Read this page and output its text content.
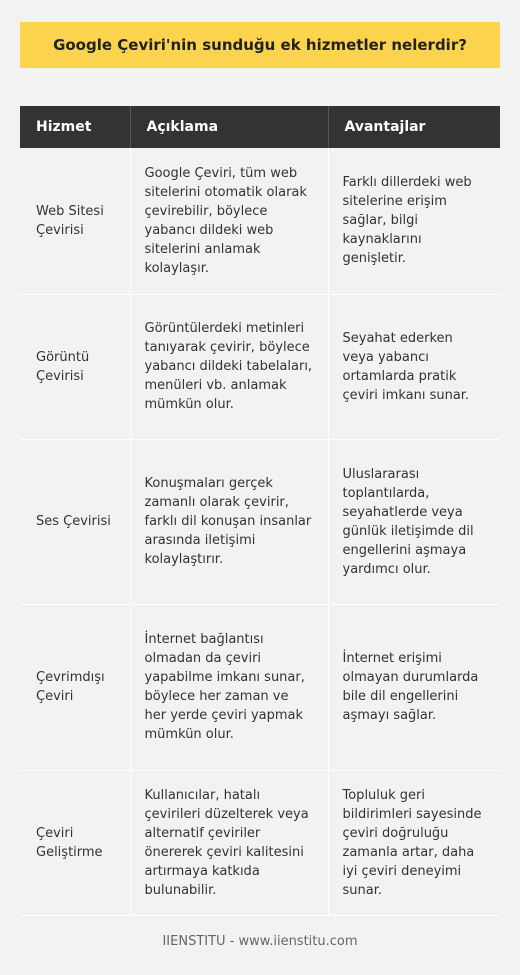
Google Çeviri'nin sunduğu ek hizmetler nelerdir?
Hizmet	Açıklama	Avantajlar
Web Sitesi Çevirisi	Google Çeviri, tüm web sitelerini otomatik olarak çevirebilir, böylece yabancı dildeki web sitelerini anlamak kolaylaşır.	Farklı dillerdeki web sitelerine erişim sağlar, bilgi kaynaklarını genişletir.
Görüntü Çevirisi	Görüntülerdeki metinleri tanıyarak çevirir, böylece yabancı dildeki tabelaları, menüleri vb. anlamak mümkün olur.	Seyahat ederken veya yabancı ortamlarda pratik çeviri imkanı sunar.
Ses Çevirisi	Konuşmaları gerçek zamanlı olarak çevirir, farklı dil konuşan insanlar arasında iletişimi kolaylaştırır.	Uluslararası toplantılarda, seyahatlerde veya günlük iletişimde dil engellerini aşmaya yardımcı olur.
Çevrimdışı Çeviri	İnternet bağlantısı olmadan da çeviri yapabilme imkanı sunar, böylece her zaman ve her yerde çeviri yapmak mümkün olur.	İnternet erişimi olmayan durumlarda bile dil engellerini aşmayı sağlar.
Çeviri Geliştirme	Kullanıcılar, hatalı çevirileri düzelterek veya alternatif çeviriler önererek çeviri kalitesini artırmaya katkıda bulunabilir.	Topluluk geri bildirimleri sayesinde çeviri doğruluğu zamanla artar, daha iyi çeviri deneyimi sunar.
IIENSTITU - www.iienstitu.com
